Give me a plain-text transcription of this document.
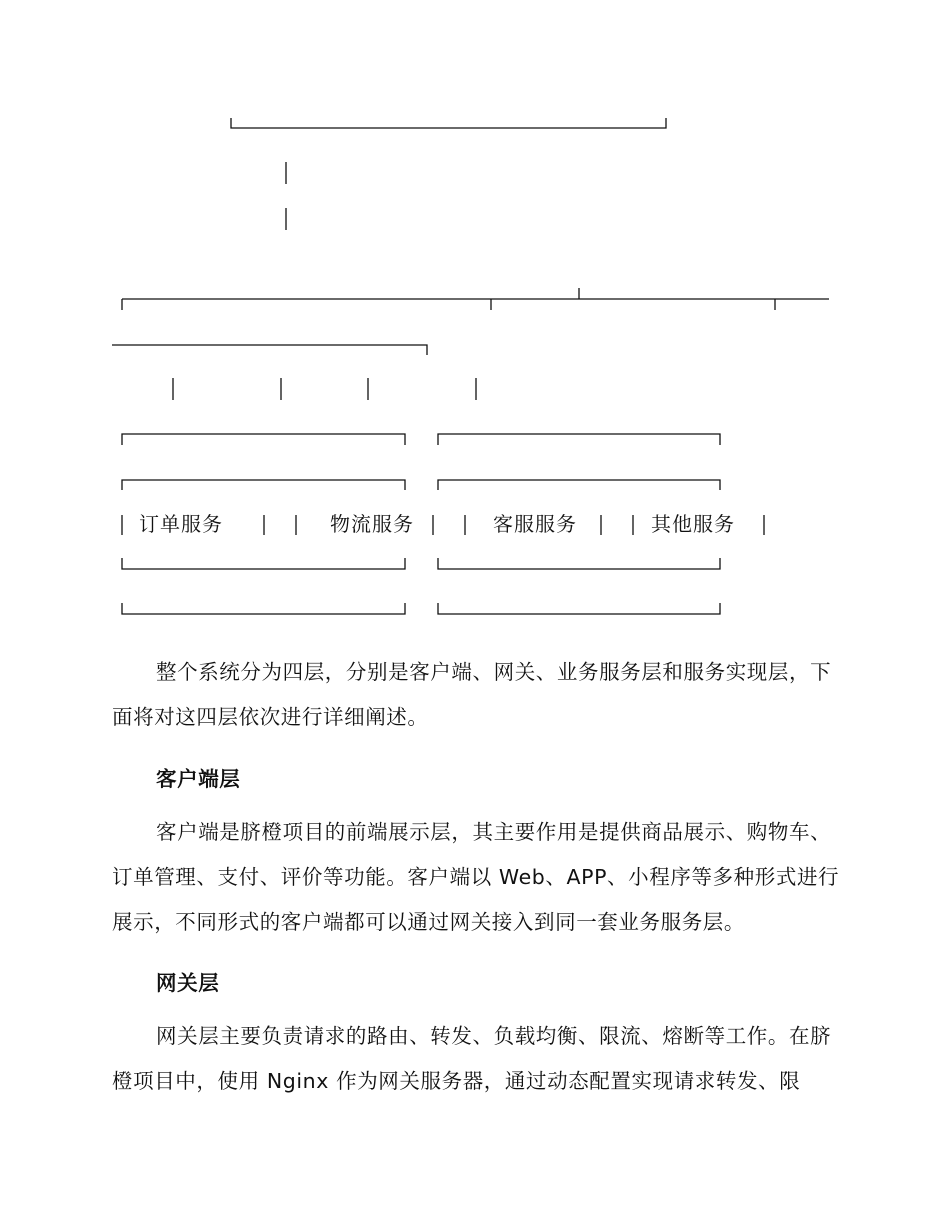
订单服务	物流服务	客服服务	其他服务

整个系统分为四层，分别是客户端、网关、业务服务层和服务实现层，下面将对这四层依次进行详细阐述。

客户端层

客户端是脐橙项目的前端展示层，其主要作用是提供商品展示、购物车、订单管理、支付、评价等功能。客户端以 Web、APP、小程序等多种形式进行展示，不同形式的客户端都可以通过网关接入到同一套业务服务层。

网关层

网关层主要负责请求的路由、转发、负载均衡、限流、熔断等工作。在脐橙项目中，使用 Nginx 作为网关服务器，通过动态配置实现请求转发、限
